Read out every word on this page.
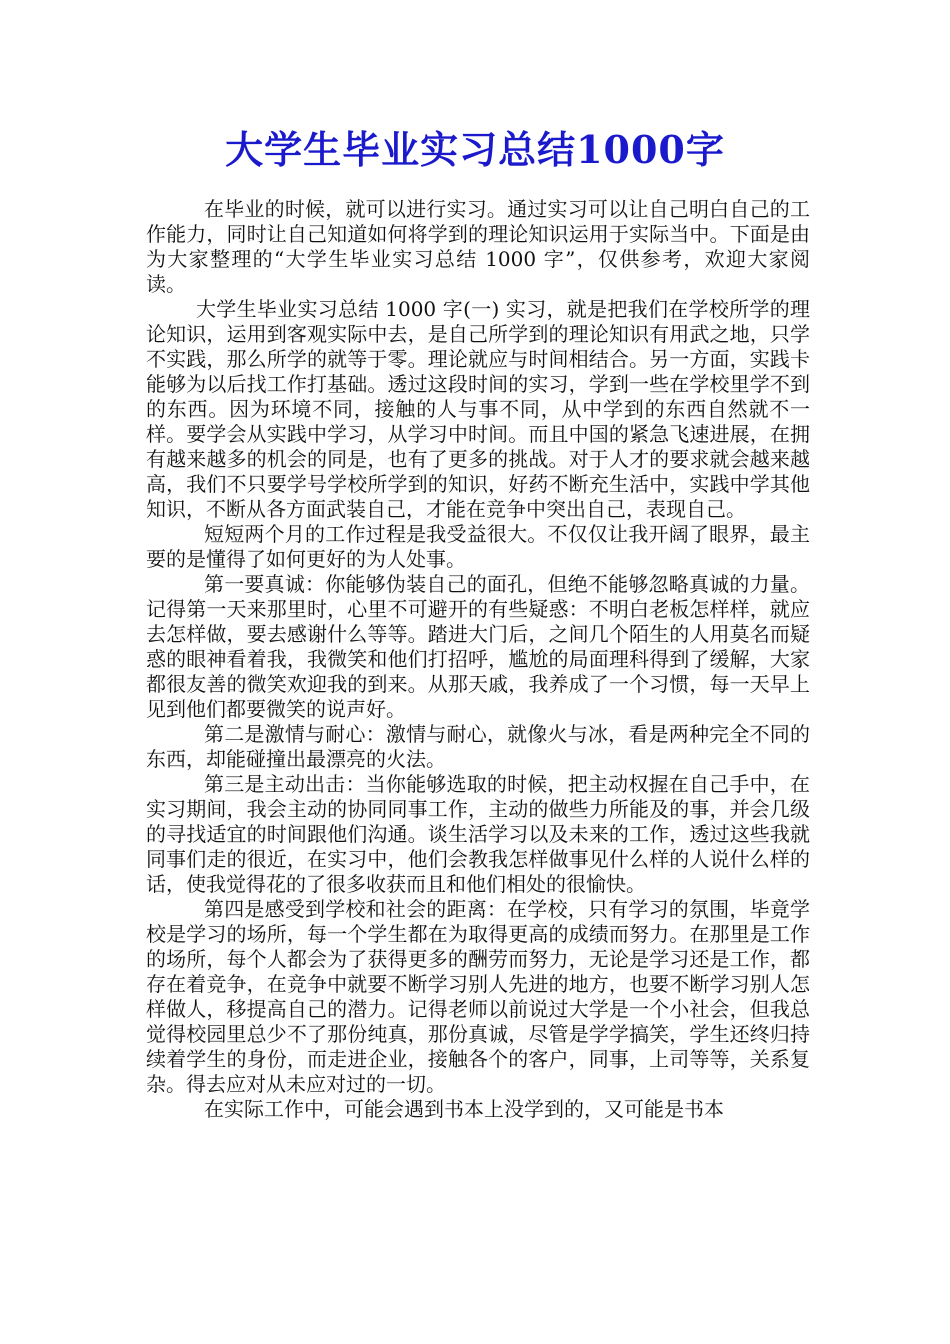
大学生毕业实习总结1000字

在毕业的时候，就可以进行实习。通过实习可以让自己明白自己的工作能力，同时让自己知道如何将学到的理论知识运用于实际当中。下面是由为大家整理的“大学生毕业实习总结 1000 字”，仅供参考，欢迎大家阅读。

大学生毕业实习总结 1000 字(一) 实习，就是把我们在学校所学的理论知识，运用到客观实际中去，是自己所学到的理论知识有用武之地，只学不实践，那么所学的就等于零。理论就应与时间相结合。另一方面，实践卡能够为以后找工作打基础。透过这段时间的实习，学到一些在学校里学不到的东西。因为环境不同，接触的人与事不同，从中学到的东西自然就不一样。要学会从实践中学习，从学习中时间。而且中国的紧急飞速进展，在拥有越来越多的机会的同是，也有了更多的挑战。对于人才的要求就会越来越高，我们不只要学号学校所学到的知识，好药不断充生活中，实践中学其他知识，不断从各方面武装自己，才能在竞争中突出自己，表现自己。

短短两个月的工作过程是我受益很大。不仅仅让我开阔了眼界，最主要的是懂得了如何更好的为人处事。

第一要真诚：你能够伪装自己的面孔，但绝不能够忽略真诚的力量。记得第一天来那里时，心里不可避开的有些疑惑：不明白老板怎样样，就应去怎样做，要去感谢什么等等。踏进大门后，之间几个陌生的人用莫名而疑惑的眼神看着我，我微笑和他们打招呼，尴尬的局面理科得到了缓解，大家都很友善的微笑欢迎我的到来。从那天戚，我养成了一个习惯，每一天早上见到他们都要微笑的说声好。

第二是激情与耐心：激情与耐心，就像火与冰，看是两种完全不同的东西，却能碰撞出最漂亮的火法。

第三是主动出击：当你能够选取的时候，把主动权握在自己手中，在实习期间，我会主动的协同同事工作，主动的做些力所能及的事，并会几级的寻找适宜的时间跟他们沟通。谈生活学习以及未来的工作，透过这些我就同事们走的很近，在实习中，他们会教我怎样做事见什么样的人说什么样的话，使我觉得花的了很多收获而且和他们相处的很愉快。

第四是感受到学校和社会的距离：在学校，只有学习的氛围，毕竟学校是学习的场所，每一个学生都在为取得更高的成绩而努力。在那里是工作的场所，每个人都会为了获得更多的酬劳而努力，无论是学习还是工作，都存在着竞争，在竞争中就要不断学习别人先进的地方，也要不断学习别人怎样做人，移提高自己的潜力。记得老师以前说过大学是一个小社会，但我总觉得校园里总少不了那份纯真，那份真诚，尽管是学学搞笑，学生还终归持续着学生的身份，而走进企业，接触各个的客户，同事，上司等等，关系复杂。得去应对从未应对过的一切。

在实际工作中，可能会遇到书本上没学到的，又可能是书本
